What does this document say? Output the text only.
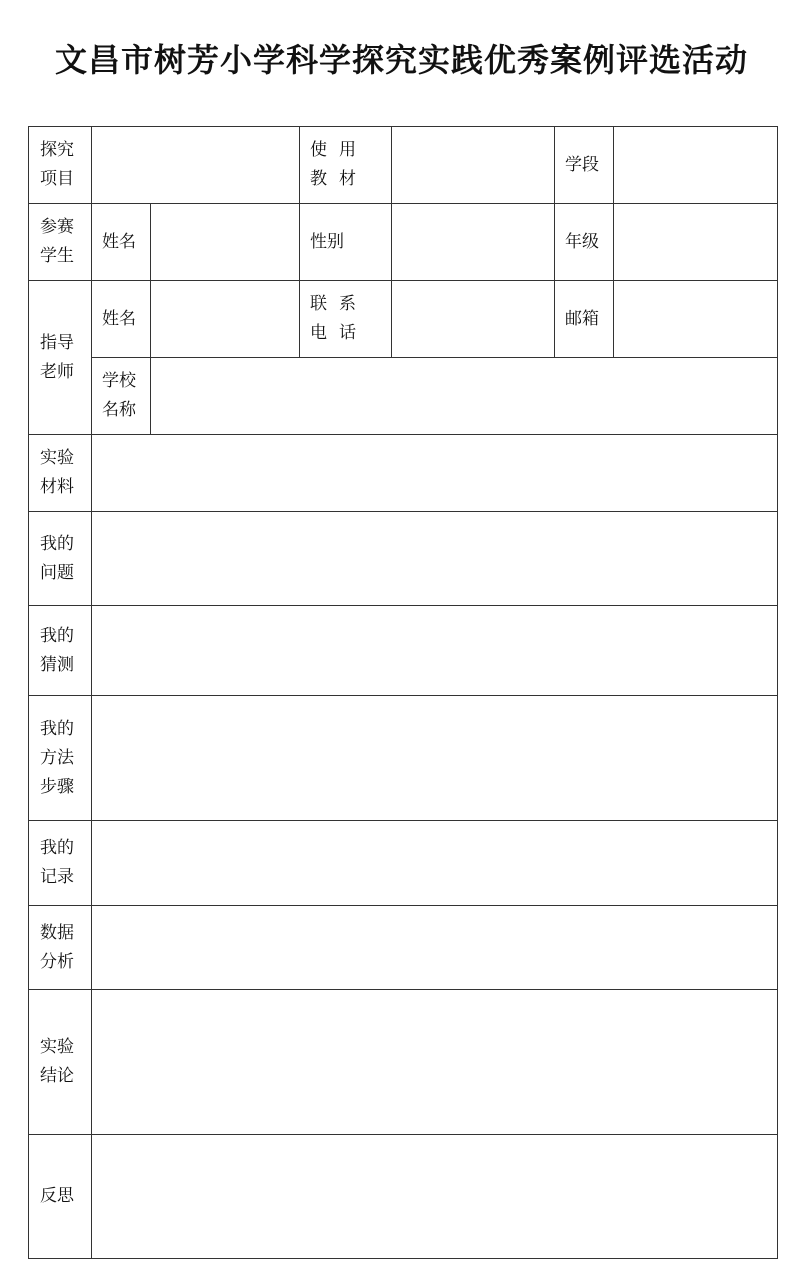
文昌市树芳小学科学探究实践优秀案例评选活动
探究项目			使用教材		学段	
参赛学生	姓名		性别		年级	
指导老师	姓名		联系电话		邮箱	
	学校名称					
实验材料						
我的问题						
我的猜测						
我的方法步骤						
我的记录						
数据分析						
实验结论						
反思						
